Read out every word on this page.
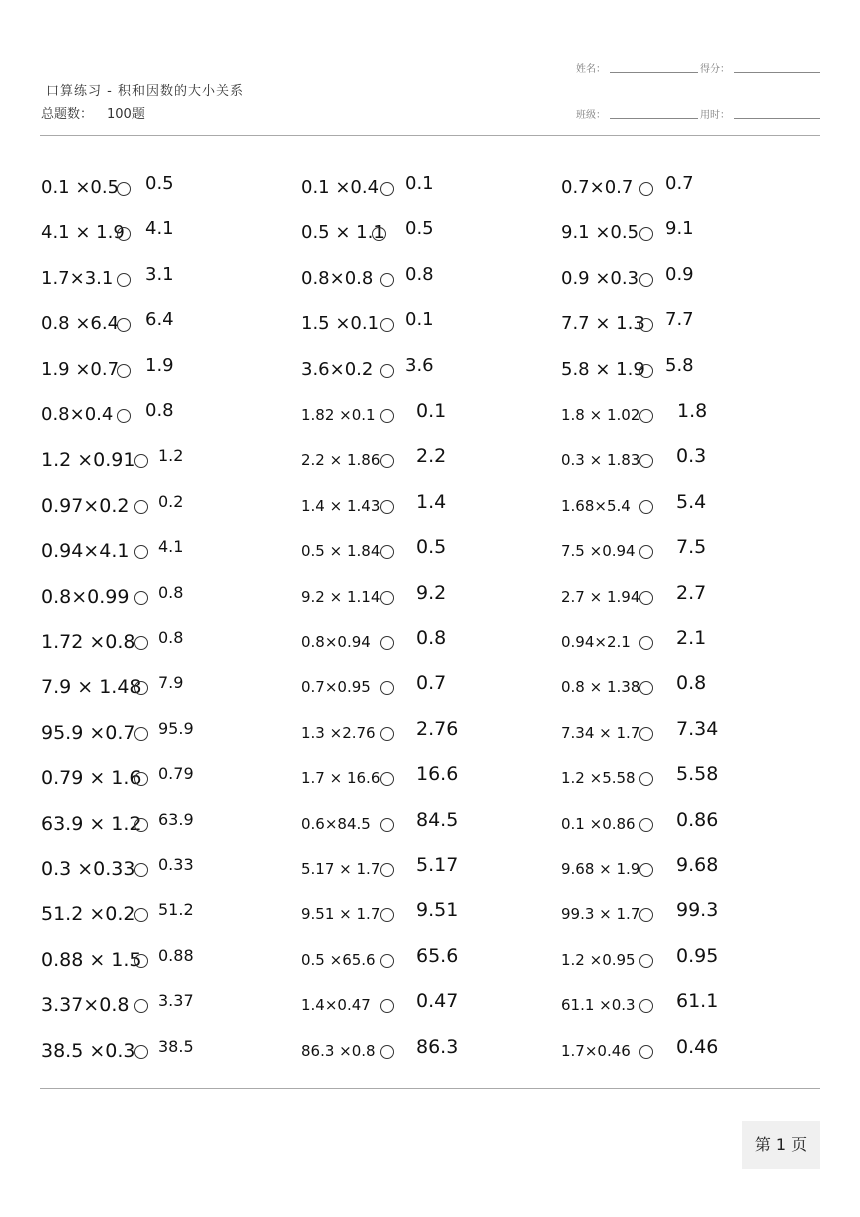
口算练习 - 积和因数的大小关系
总题数： 100题
姓名：	得分：
班级：	用时：
0.1 ×0.5 0.5
4.1 × 1.9 4.1
1.7×3.1 3.1
0.8 ×6.4 6.4
1.9 ×0.7 1.9
0.8×0.4 0.8
1.2 ×0.91 1.2
0.97×0.2 0.2
0.94×4.1 4.1
0.8×0.99 0.8
1.72 ×0.8 0.8
7.9 × 1.48 7.9
95.9 ×0.7 95.9
0.79 × 1.6 0.79
63.9 × 1.2 63.9
0.3 ×0.33 0.33
51.2 ×0.2 51.2
0.88 × 1.5 0.88
3.37×0.8 3.37
38.5 ×0.3 38.5
0.1 ×0.4 0.1
0.5 × 1.1 0.5
0.8×0.8 0.8
1.5 ×0.1 0.1
3.6×0.2 3.6
1.82 ×0.1 0.1
2.2 × 1.86 2.2
1.4 × 1.43 1.4
0.5 × 1.84 0.5
9.2 × 1.14 9.2
0.8×0.94 0.8
0.7×0.95 0.7
1.3 ×2.76 2.76
1.7 × 16.6 16.6
0.6×84.5 84.5
5.17 × 1.7 5.17
9.51 × 1.7 9.51
0.5 ×65.6 65.6
1.4×0.47 0.47
86.3 ×0.8 86.3
0.7×0.7 0.7
9.1 ×0.5 9.1
0.9 ×0.3 0.9
7.7 × 1.3 7.7
5.8 × 1.9 5.8
1.8 × 1.02 1.8
0.3 × 1.83 0.3
1.68×5.4 5.4
7.5 ×0.94 7.5
2.7 × 1.94 2.7
0.94×2.1 2.1
0.8 × 1.38 0.8
7.34 × 1.7 7.34
1.2 ×5.58 5.58
0.1 ×0.86 0.86
9.68 × 1.9 9.68
99.3 × 1.7 99.3
1.2 ×0.95 0.95
61.1 ×0.3 61.1
1.7×0.46 0.46
第 1 页
